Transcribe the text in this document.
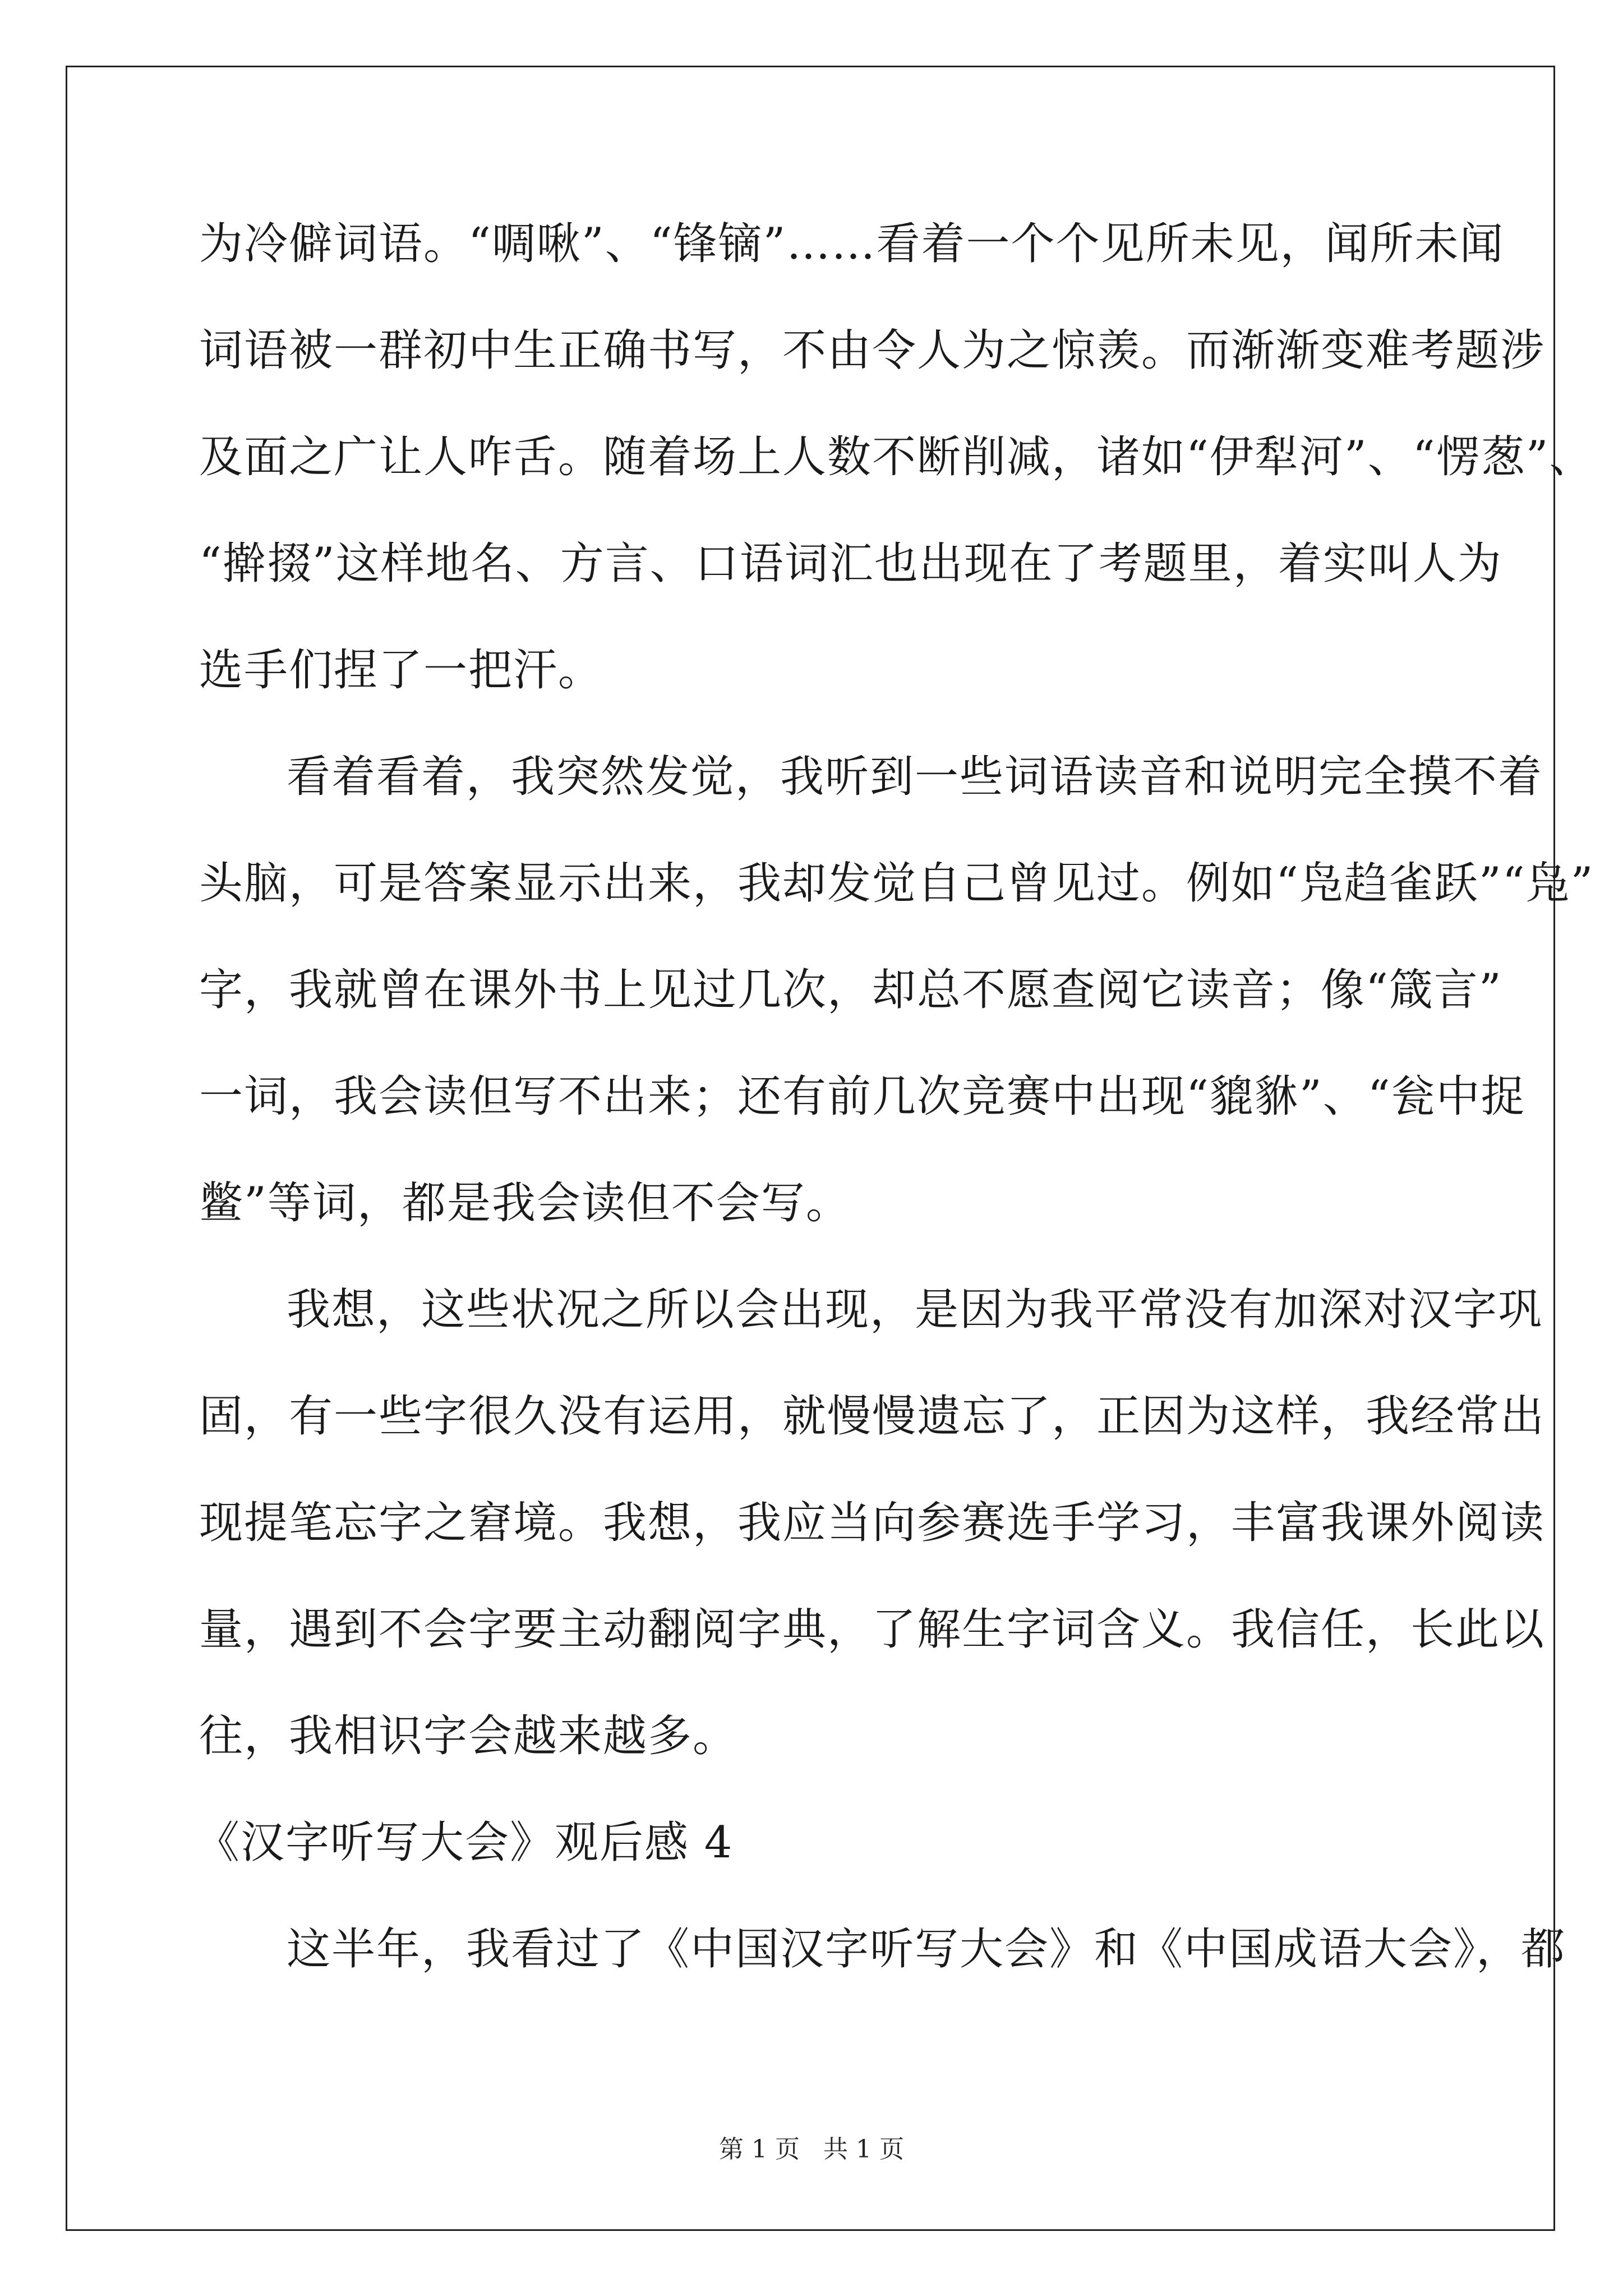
为冷僻词语。“啁啾”、“锋镝”……看着一个个见所未见，闻所未闻
词语被一群初中生正确书写，不由令人为之惊羡。而渐渐变难考题涉
及面之广让人咋舌。随着场上人数不断削减，诸如“伊犁河”、“愣葱”、
“擀掇”这样地名、方言、口语词汇也出现在了考题里，着实叫人为
选手们捏了一把汗。
看着看着，我突然发觉，我听到一些词语读音和说明完全摸不着
头脑，可是答案显示出来，我却发觉自己曾见过。例如“凫趋雀跃”“凫”
字，我就曾在课外书上见过几次，却总不愿查阅它读音；像“箴言”
一词，我会读但写不出来；还有前几次竞赛中出现“貔貅”、“瓮中捉
鳖”等词，都是我会读但不会写。
我想，这些状况之所以会出现，是因为我平常没有加深对汉字巩
固，有一些字很久没有运用，就慢慢遗忘了，正因为这样，我经常出
现提笔忘字之窘境。我想，我应当向参赛选手学习，丰富我课外阅读
量，遇到不会字要主动翻阅字典，了解生字词含义。我信任，长此以
往，我相识字会越来越多。
《汉字听写大会》观后感 4
这半年，我看过了《中国汉字听写大会》和《中国成语大会》，都
第 1 页 共 1 页
